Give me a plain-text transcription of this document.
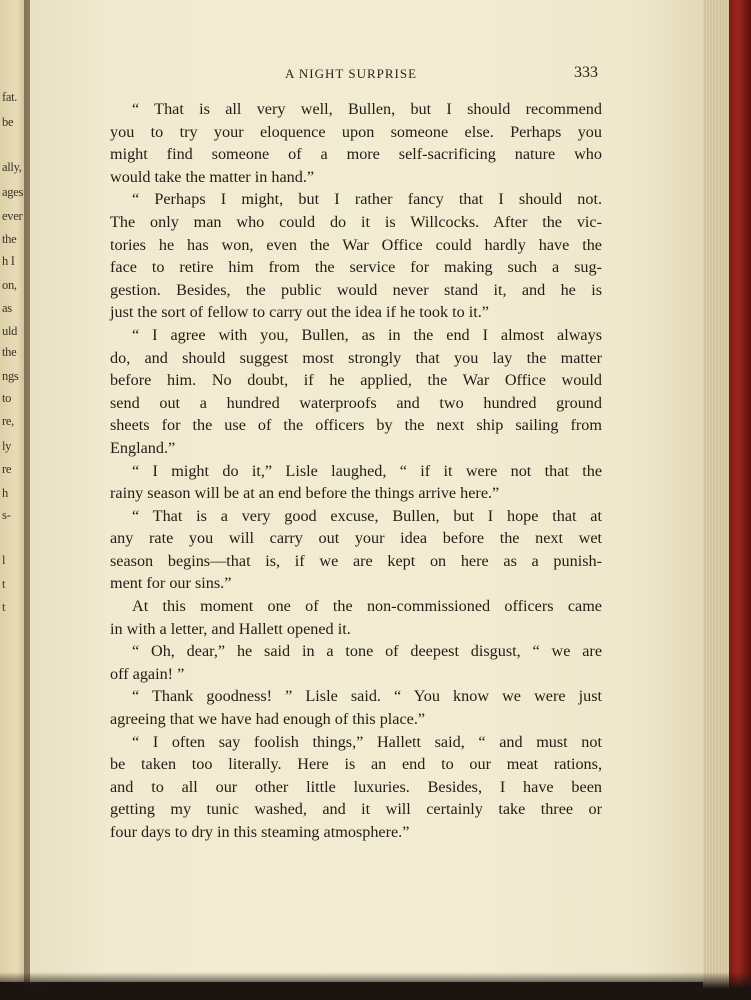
fat.
be
ally,
ages
ever
the
h I
on,
as
uld
the
ngs
to
re,
ly
re
h
s-
l
t
t
A NIGHT SURPRISE	333
“ That is all very well, Bullen, but I should recommend
you to try your eloquence upon someone else. Perhaps you
might find someone of a more self-sacrificing nature who
would take the matter in hand.”
“ Perhaps I might, but I rather fancy that I should not.
The only man who could do it is Willcocks. After the vic-
tories he has won, even the War Office could hardly have the
face to retire him from the service for making such a sug-
gestion. Besides, the public would never stand it, and he is
just the sort of fellow to carry out the idea if he took to it.”
“ I agree with you, Bullen, as in the end I almost always
do, and should suggest most strongly that you lay the matter
before him. No doubt, if he applied, the War Office would
send out a hundred waterproofs and two hundred ground
sheets for the use of the officers by the next ship sailing from
England.”
“ I might do it,” Lisle laughed, “ if it were not that the
rainy season will be at an end before the things arrive here.”
“ That is a very good excuse, Bullen, but I hope that at
any rate you will carry out your idea before the next wet
season begins—that is, if we are kept on here as a punish-
ment for our sins.”
At this moment one of the non-commissioned officers came
in with a letter, and Hallett opened it.
“ Oh, dear,” he said in a tone of deepest disgust, “ we are
off again! ”
“ Thank goodness! ” Lisle said. “ You know we were just
agreeing that we have had enough of this place.”
“ I often say foolish things,” Hallett said, “ and must not
be taken too literally. Here is an end to our meat rations,
and to all our other little luxuries. Besides, I have been
getting my tunic washed, and it will certainly take three or
four days to dry in this steaming atmosphere.”
